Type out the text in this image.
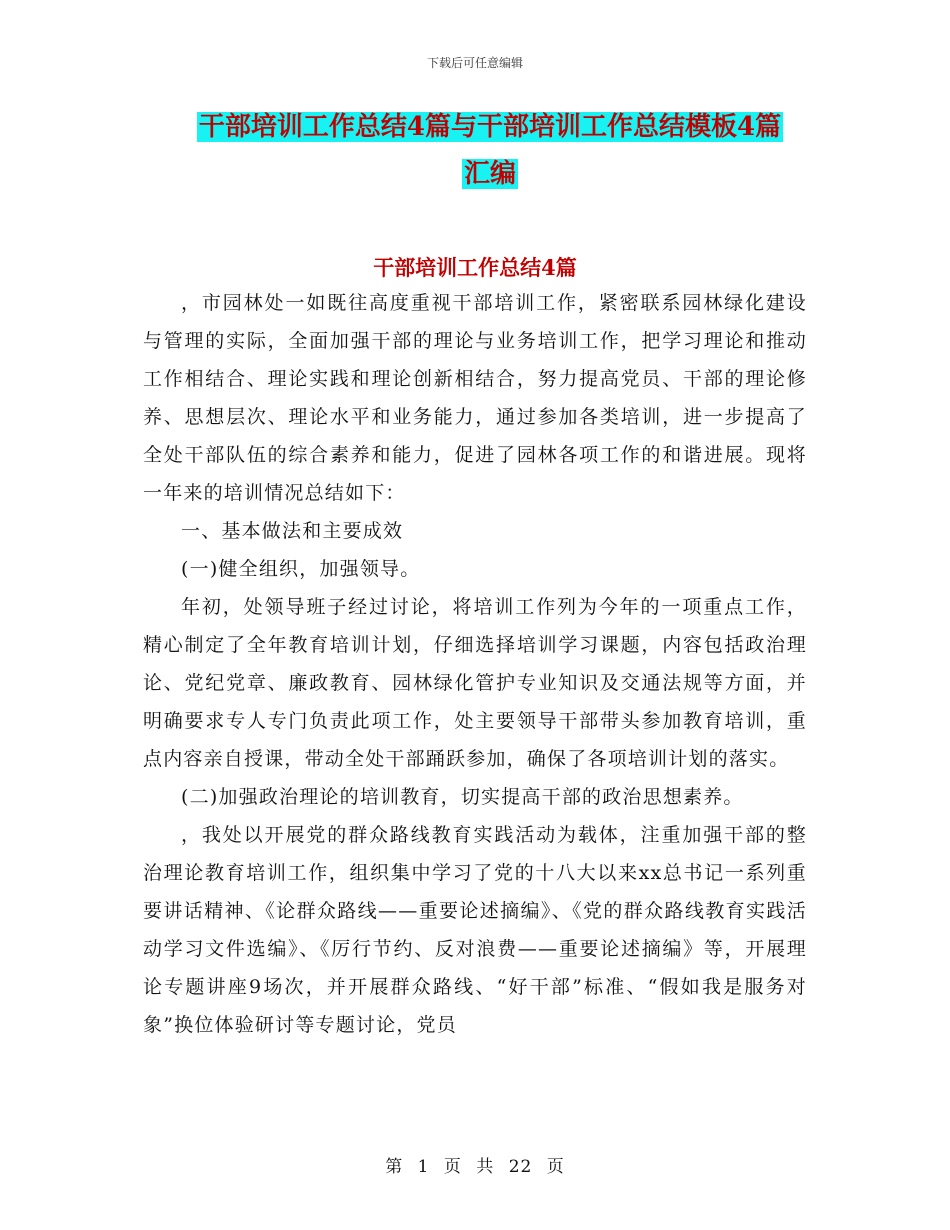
下载后可任意编辑
干部培训工作总结4篇与干部培训工作总结模板4篇
汇编
干部培训工作总结4篇

，市园林处一如既往高度重视干部培训工作，紧密联系园林绿化建设与管理的实际，全面加强干部的理论与业务培训工作，把学习理论和推动工作相结合、理论实践和理论创新相结合，努力提高党员、干部的理论修养、思想层次、理论水平和业务能力，通过参加各类培训，进一步提高了全处干部队伍的综合素养和能力，促进了园林各项工作的和谐进展。现将一年来的培训情况总结如下：

一、基本做法和主要成效

(一)健全组织，加强领导。

年初，处领导班子经过讨论，将培训工作列为今年的一项重点工作，精心制定了全年教育培训计划，仔细选择培训学习课题，内容包括政治理论、党纪党章、廉政教育、园林绿化管护专业知识及交通法规等方面，并明确要求专人专门负责此项工作，处主要领导干部带头参加教育培训，重点内容亲自授课，带动全处干部踊跃参加，确保了各项培训计划的落实。

(二)加强政治理论的培训教育，切实提高干部的政治思想素养。

，我处以开展党的群众路线教育实践活动为载体，注重加强干部的整治理论教育培训工作，组织集中学习了党的十八大以来xx总书记一系列重要讲话精神、《论群众路线——重要论述摘编》、《党的群众路线教育实践活动学习文件选编》、《厉行节约、反对浪费——重要论述摘编》等，开展理论专题讲座9场次，并开展群众路线、“好干部”标准、“假如我是服务对象”换位体验研讨等专题讨论，党员

第 1 页 共 22 页
